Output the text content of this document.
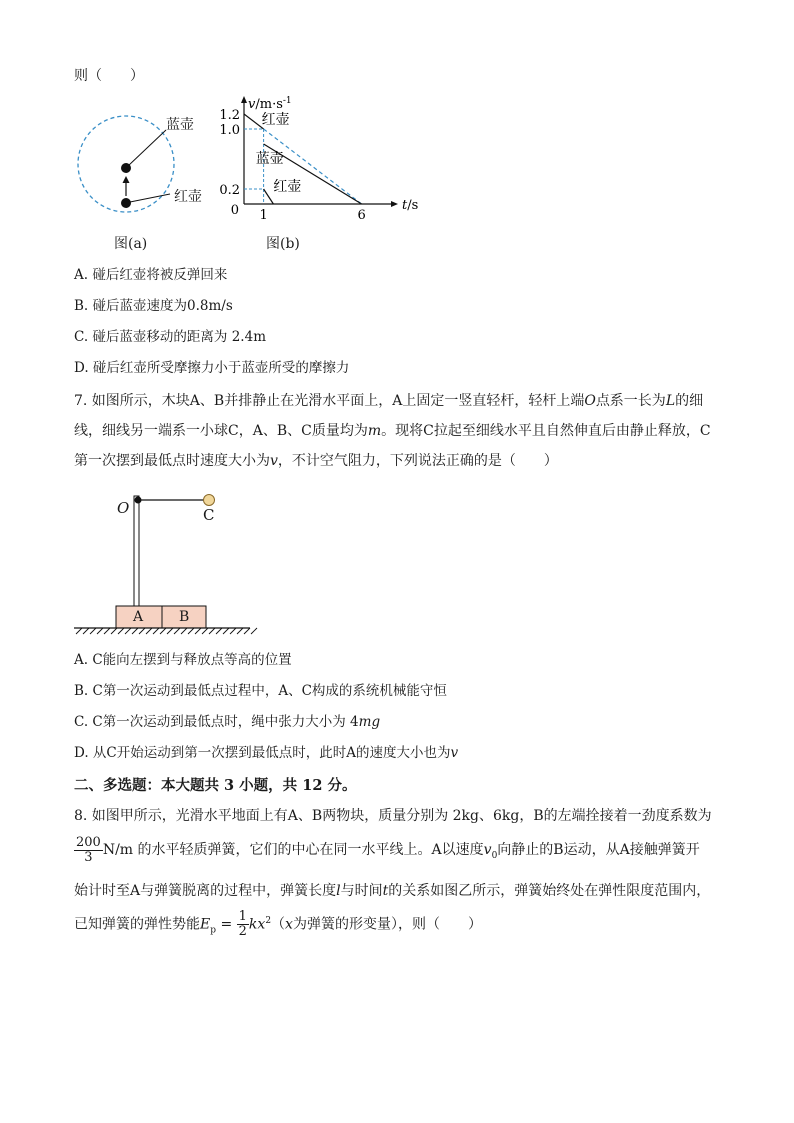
则（　　）
蓝壶
红壶
图(a)
1.2
1.0
0.2
0 1	6
$v/m\cdot s^{-1}$
t/s
红壶
蓝壶
红壶
图(b)
A. 碰后红壶将被反弹回来
B. 碰后蓝壶速度为0.8m/s
C. 碰后蓝壶移动的距离为 2.4m
D. 碰后红壶所受摩擦力小于蓝壶所受的摩擦力
7. 如图所示，木块A、B并排静止在光滑水平面上，A上固定一竖直轻杆，轻杆上端O点系一长为L的细
线，细线另一端系一小球C，A、B、C质量均为m。现将C拉起至细线水平且自然伸直后由静止释放，C
第一次摆到最低点时速度大小为v，不计空气阻力，下列说法正确的是（　　）
O	C
A	B
A. C能向左摆到与释放点等高的位置
B. C第一次运动到最低点过程中，A、C构成的系统机械能守恒
C. C第一次运动到最低点时，绳中张力大小为 4mg
D. 从C开始运动到第一次摆到最低点时，此时A的速度大小也为v
二、多选题：本大题共 3 小题，共 12 分。
8. 如图甲所示，光滑水平地面上有A、B两物块，质量分别为 2kg、6kg，B的左端拴接着一劲度系数为
$\frac{200}{3} N/m$ 的水平轻质弹簧，它们的中心在同一水平线上。A以速度$v_0$向静止的B运动，从A接触弹簧开
始计时至A与弹簧脱离的过程中，弹簧长度l与时间t的关系如图乙所示，弹簧始终处在弹性限度范围内，
已知弹簧的弹性势能$E_p = \frac{1}{2} kx^2(x$为弹簧的形变量），则（　　）
